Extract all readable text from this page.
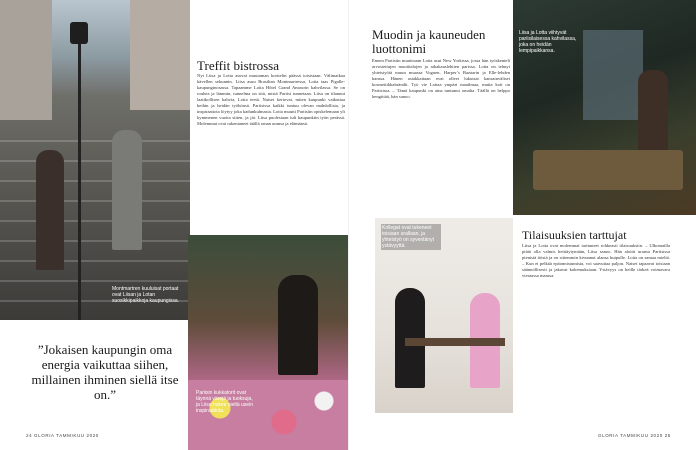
Montmartren kuuluisat portaat ovat Liisan ja Lotan suosikkipaikkoja kaupungissa.
Treffit bistrossa
Nyt Liisa ja Lotta asuvat muutaman korttelin päässä toisistaan. Välimatkaa kävellen sekunnin. Liisa asuu Brasilian Montmartressa, Lotta taas Pigalle-kaupunginosassa. Tapaamme Lotta Hôtel Grand Amourin kahvilassa. Se on rouhea ja lämmin, tunnelma on sitä, mistä Pariisi tunnetaan. Liisa on tilannut laatikollisen kahvia, Lotta teetä. Naiset kertovat, miten kaupunki vaikuttaa heihin ja heidän työhönsä. Pariisissa kaikki tuntuu olevan mahdollista, ja inspiraatiota löytyy joka kadunkulmasta. Lotta muutti Pariisiin opiskelemaan yli kymmenen vuotta sitten, ja jäi. Liisa puolestaan tuli kaupunkiin työn perässä. Molemmat ovat rakentaneet täällä oman uransa ja elämänsä.
”Jokaisen kaupungin oma energia vaikuttaa siihen, millainen ihminen siellä itse on.”	Pariisin kukkatorit ovat täynnä värejä ja tuoksuja, ja Liisa hakee sieltä usein inspiraatiota.
24 GLORIA TAMMIKUU 2020
Muodin ja kauneuden luottonimi
Ennen Pariisiin muuttoaan Lotta asui New Yorkissa, jossa hän työskenteli arvostettujen muotitalojen ja aikakauslehtien parissa. Lotta on tehnyt yhteistyötä muun muassa Voguen, Harper’s Bazaarin ja Elle-lehden kanssa. Hänen asiakkaitaan ovat olleet lukuisat kansainväliset kosmetiikkabrändit. Työ vie Lottaa ympäri maailmaa, mutta koti on Pariisissa. – Tämä kaupunki on aina tuntunut omalta. Täällä on helppo hengittää, hän sanoo.
Liisa ja Lotta viihtyvät pariisilaisessa kahvilassa, joka on heidän lempipaikkansa.
Kollegat ovat tukeneet toisiaan urallaan, ja yhteistyö on syventänyt ystävyyttä.
Tilaisuuksien tarttujat
Liisa ja Lotta ovat molemmat tarttuneet rohkeasti tilaisuuksiin. – Ulkomailla pitää olla valmis heittäytymään, Liisa sanoo. Hän aloitti uransa Pariisissa pienistä töistä ja on sittemmin kivunnut alansa huipulle. Lotta on samaa mieltä. – Kun ei pelkää epäonnistumista, voi saavuttaa paljon. Naiset tapaavat toisiaan säännöllisesti ja jakavat kokemuksiaan. Ystävyys on heille tärkeä voimavara vieraassa maassa.
GLORIA TAMMIKUU 2020 25
